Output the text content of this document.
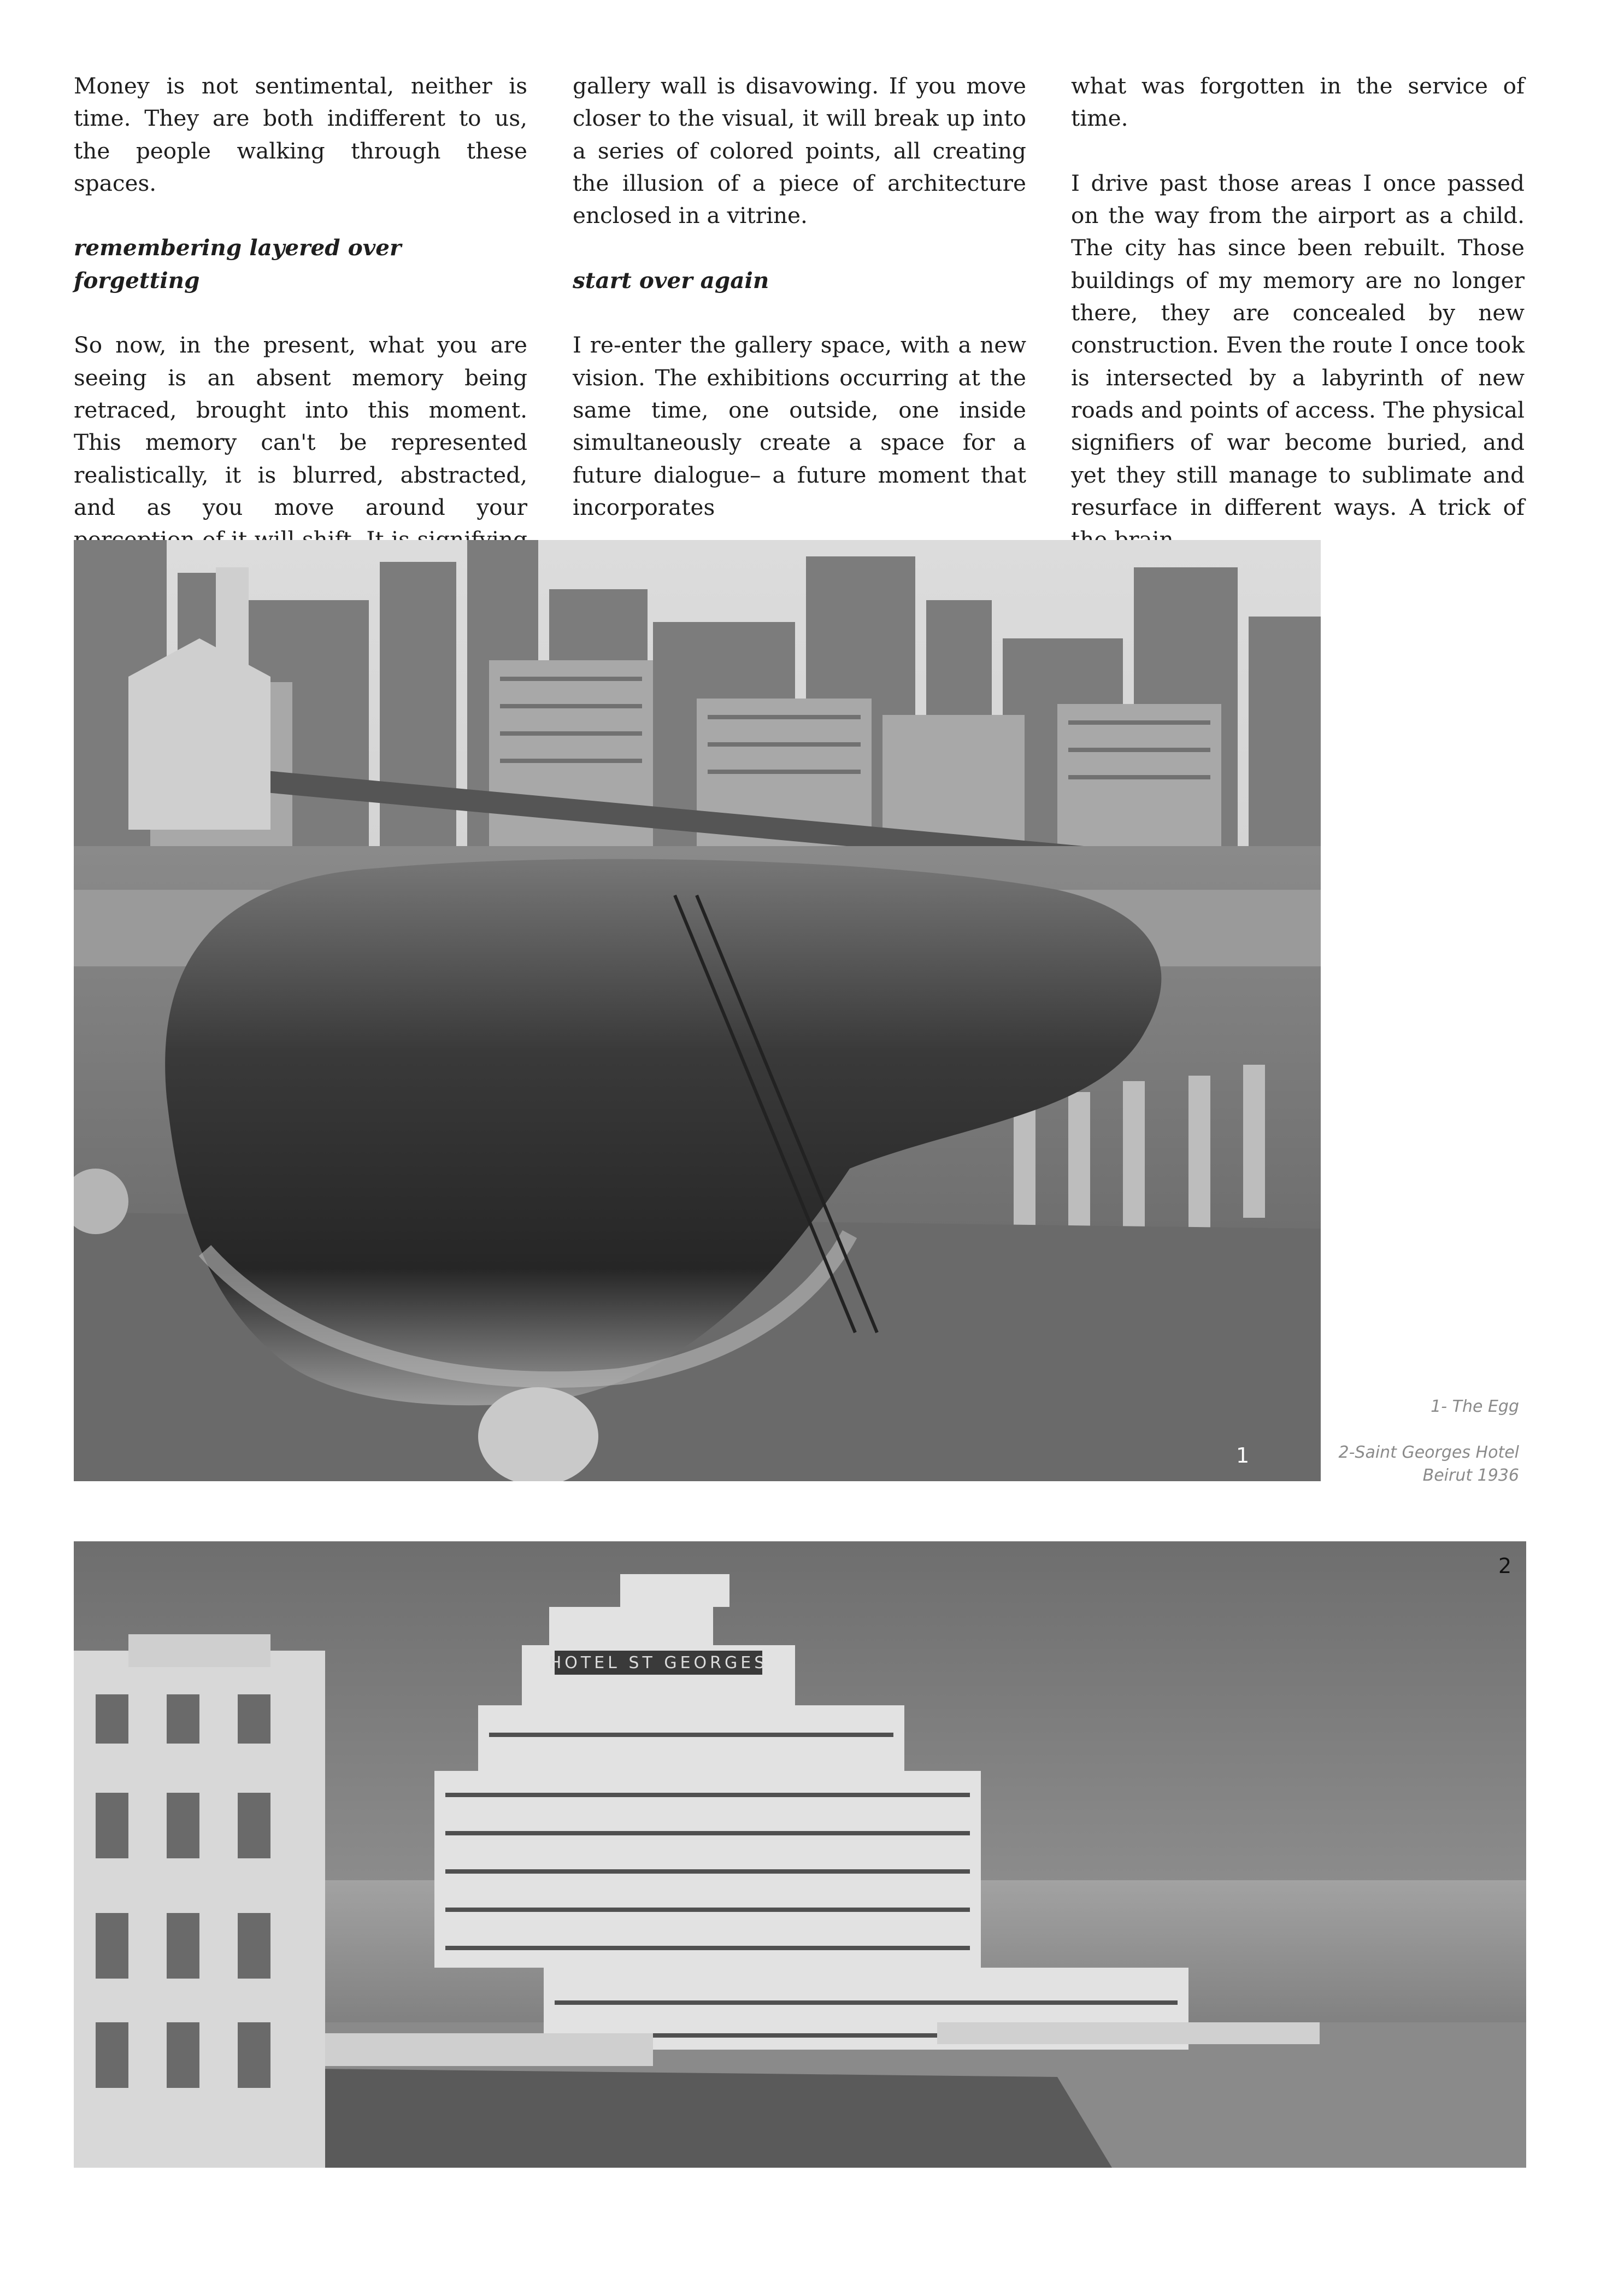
Money is not sentimental, neither is time. They are both indifferent to us, the people walking through these spaces.

remembering layered over forgetting

So now, in the present, what you are seeing is an absent memory being retraced, brought into this moment. This memory can't be represented realistically, it is blurred, abstracted, and as you move around your

gallery wall is disavowing. If you move closer to the visual, it will break up into a series of colored points, all creating the illusion of a piece of architecture enclosed in a vitrine.

start over again

I re-enter the gallery space, with a new vision. The exhibitions occurring at the same time, one outside, one inside simultaneously create a space for a future dialogue– a future moment that incorporates

what was forgotten in the service of time.

I drive past those areas I once passed on the way from the airport as a child. The city has since been rebuilt. Those buildings of my memory are no longer there, they are concealed by new construction. Even the route I once took is intersected by a labyrinth of new roads and points of access. The physical signifiers of war become buried, and yet they still manage to sublimate and resurface in different ways. A trick of

1
1- The Egg
2-Saint Georges Hotel Beirut 1936
HOTEL ST GEORGES
2
